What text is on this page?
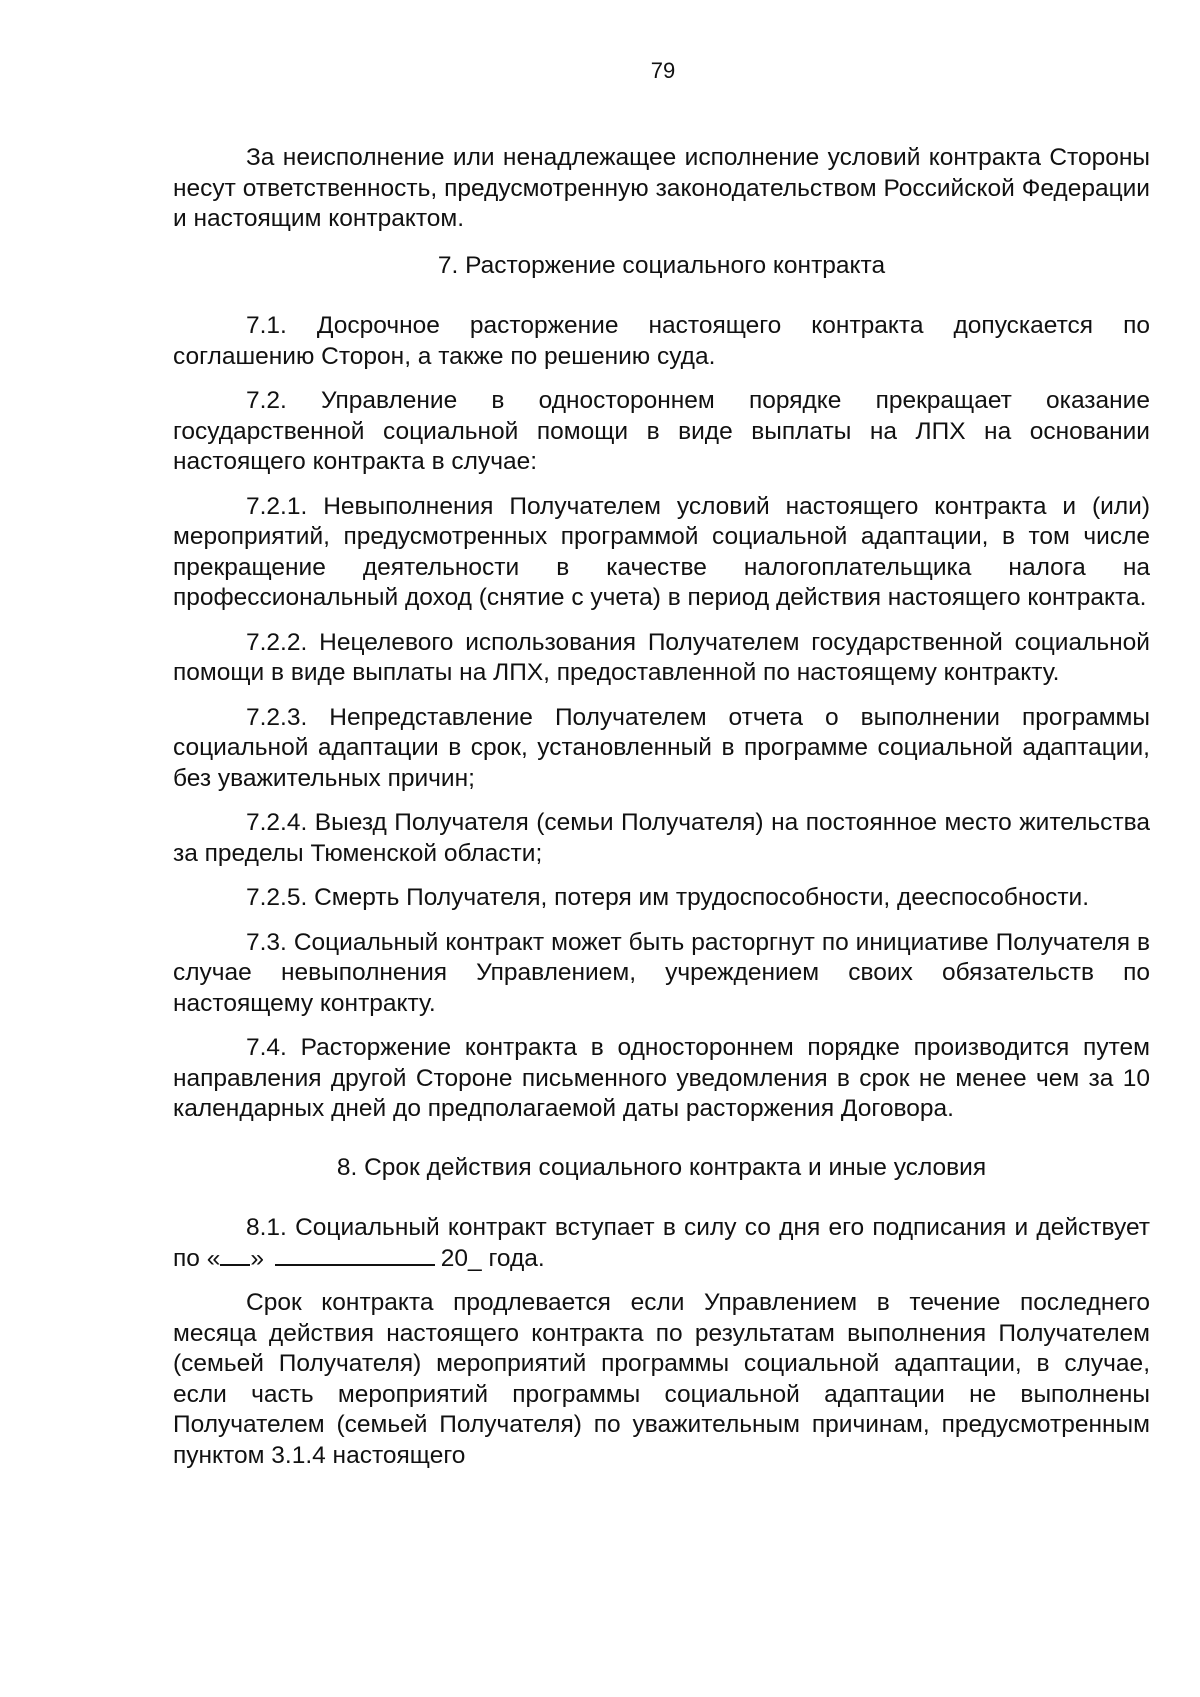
79

За неисполнение или ненадлежащее исполнение условий контракта Стороны несут ответственность, предусмотренную законодательством Российской Федерации и настоящим контрактом.

7. Расторжение социального контракта

7.1. Досрочное расторжение настоящего контракта допускается по соглашению Сторон, а также по решению суда.

7.2. Управление в одностороннем порядке прекращает оказание государственной социальной помощи в виде выплаты на ЛПХ на основании настоящего контракта в случае:

7.2.1. Невыполнения Получателем условий настоящего контракта и (или) мероприятий, предусмотренных программой социальной адаптации, в том числе прекращение деятельности в качестве налогоплательщика налога на профессиональный доход (снятие с учета) в период действия настоящего контракта.

7.2.2. Нецелевого использования Получателем государственной социальной помощи в виде выплаты на ЛПХ, предоставленной по настоящему контракту.

7.2.3. Непредставление Получателем отчета о выполнении программы социальной адаптации в срок, установленный в программе социальной адаптации, без уважительных причин;

7.2.4. Выезд Получателя (семьи Получателя) на постоянное место жительства за пределы Тюменской области;

7.2.5. Смерть Получателя, потеря им трудоспособности, дееспособности.

7.3. Социальный контракт может быть расторгнут по инициативе Получателя в случае невыполнения Управлением, учреждением своих обязательств по настоящему контракту.

7.4. Расторжение контракта в одностороннем порядке производится путем направления другой Стороне письменного уведомления в срок не менее чем за 10 календарных дней до предполагаемой даты расторжения Договора.

8. Срок действия социального контракта и иные условия

8.1. Социальный контракт вступает в силу со дня его подписания и действует по « »	20_ года.

Срок контракта продлевается если Управлением в течение последнего месяца действия настоящего контракта по результатам выполнения Получателем (семьей Получателя) мероприятий программы социальной адаптации, в случае, если часть мероприятий программы социальной адаптации не выполнены Получателем (семьей Получателя) по уважительным причинам, предусмотренным пунктом 3.1.4 настоящего
